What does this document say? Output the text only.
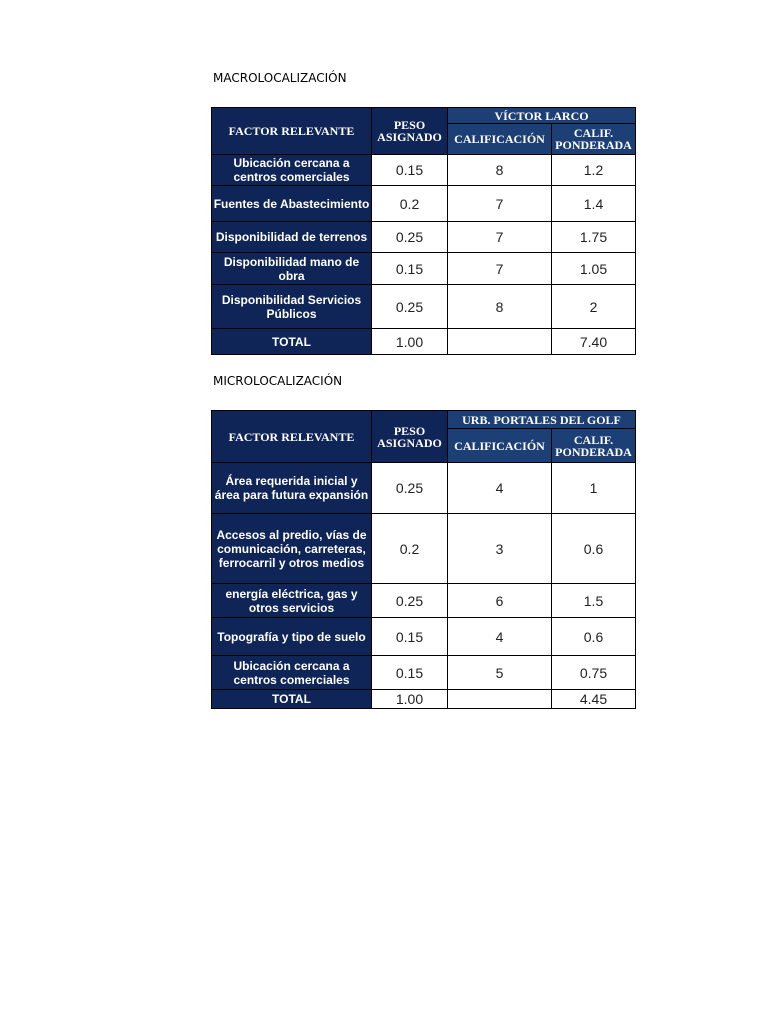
MACROLOCALIZACIÓN
FACTOR RELEVANTE	PESO ASIGNADO	VÍCTOR LARCO	
		CALIFICACIÓN	CALIF. PONDERADA
Ubicación cercana a centros comerciales	0.15	8	1.2
Fuentes de Abastecimiento	0.2	7	1.4
Disponibilidad de terrenos	0.25	7	1.75
Disponibilidad mano de obra	0.15	7	1.05
Disponibilidad Servicios Públicos	0.25	8	2
TOTAL	1.00		7.40
MICROLOCALIZACIÓN
FACTOR RELEVANTE	PESO ASIGNADO	URB. PORTALES DEL GOLF	
		CALIFICACIÓN	CALIF. PONDERADA
Área requerida inicial y área para futura expansión	0.25	4	1
Accesos al predio, vías de comunicación, carreteras, ferrocarril y otros medios	0.2	3	0.6
energía eléctrica, gas y otros servicios	0.25	6	1.5
Topografía y tipo de suelo	0.15	4	0.6
Ubicación cercana a centros comerciales	0.15	5	0.75
TOTAL	1.00		4.45
